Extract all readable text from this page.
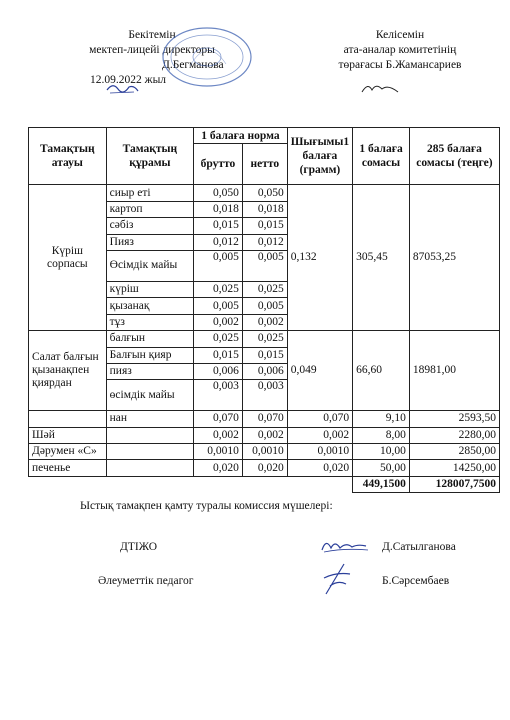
Бекітемін
мектеп-лицейі директоры
Д.Бегманова
12.09.2022 жыл
Келісемін
ата-аналар комитетінің
төрағасы Б.Жамансариев
Тамақтың атауы	Тамақтың құрамы	1 балаға норма		Шығымы1 балаға (грамм)	1 балаға сомасы	285 балаға сомасы (теңге)
		брутто	нетто			
Күріш сорпасы	сиыр еті	0,050	0,050	0,132	305,45	87053,25
	картоп	0,018	0,018			
	сәбіз	0,015	0,015			
	Пияз	0,012	0,012			
	Өсімдік майы	0,005	0,005			
	күріш	0,025	0,025			
	қызанақ	0,005	0,005			
	тұз	0,002	0,002			
Салат балғын қызанақпен қиярдан	балғын	0,025	0,025	0,049	66,60	18981,00
	Балғын қияр	0,015	0,015			
	пияз	0,006	0,006			
	өсімдік майы	0,003	0,003			
	нан	0,070	0,070	0,070	9,10	2593,50
Шәй		0,002	0,002	0,002	8,00	2280,00
Дәрумен «С»		0,0010	0,0010	0,0010	10,00	2850,00
печенье		0,020	0,020	0,020	50,00	14250,00
					449,1500	128007,7500
Ыстық тамақпен қамту туралы комиссия мүшелері:
ДТІЖО	Д.Сатылганова
Әлеуметтік педагог	Б.Сәрсембаев
